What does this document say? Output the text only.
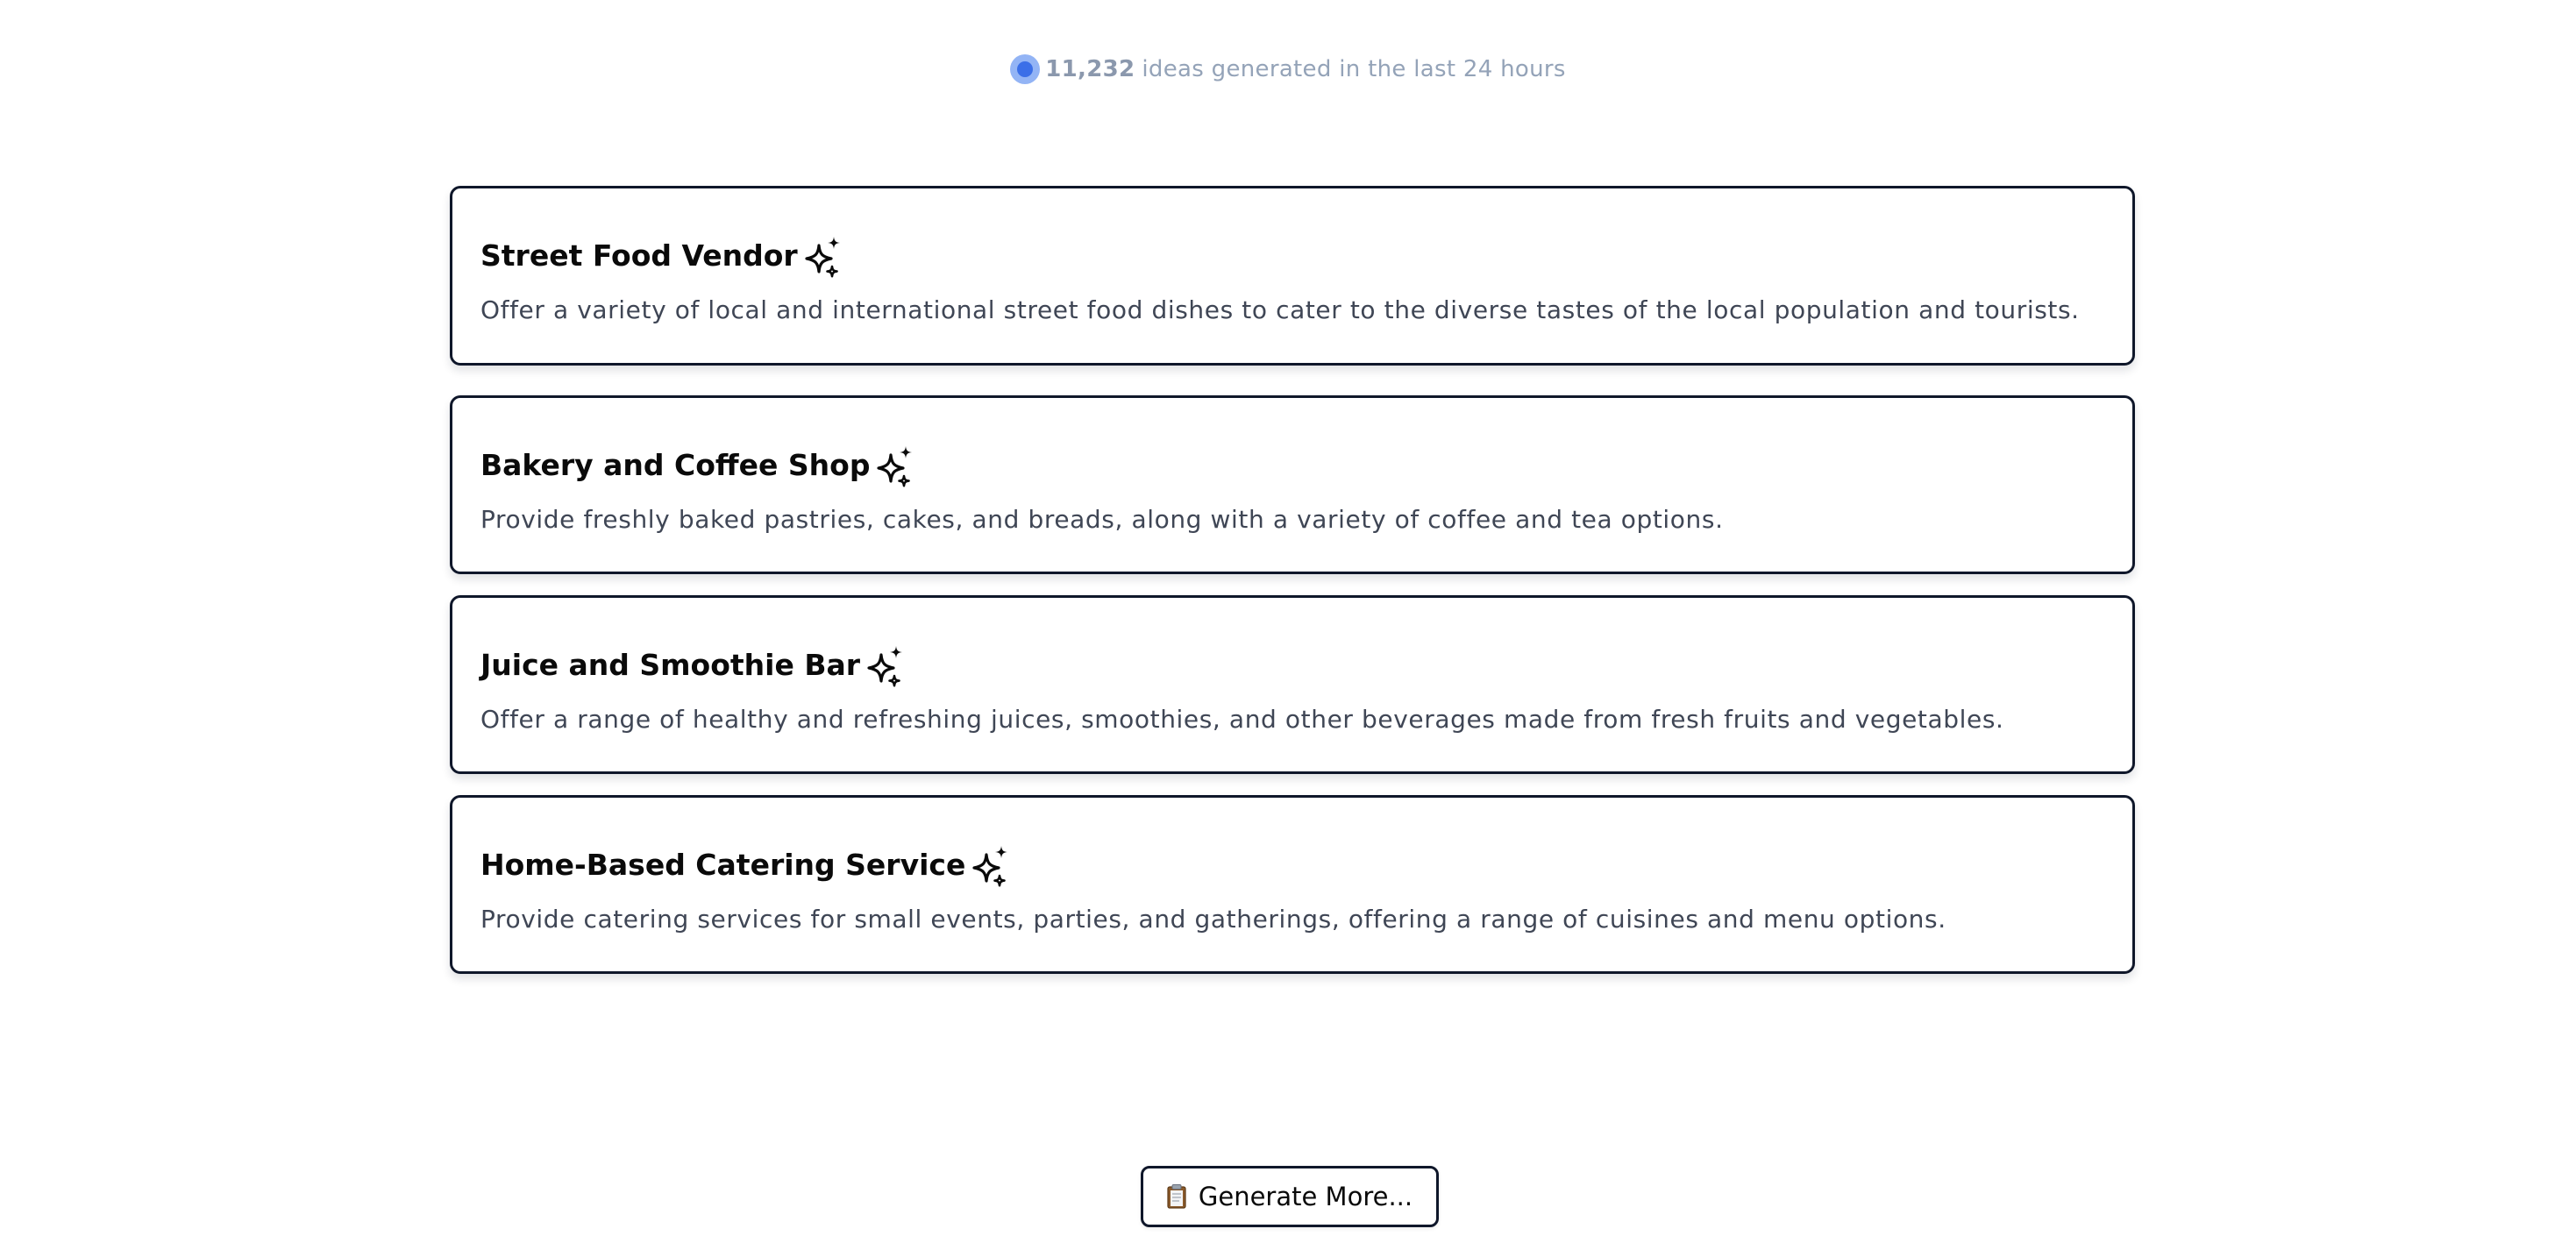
11,232 ideas generated in the last 24 hours
Street Food Vendor
Offer a variety of local and international street food dishes to cater to the diverse tastes of the local population and tourists.
Bakery and Coffee Shop
Provide freshly baked pastries, cakes, and breads, along with a variety of coffee and tea options.
Juice and Smoothie Bar
Offer a range of healthy and refreshing juices, smoothies, and other beverages made from fresh fruits and vegetables.
Home-Based Catering Service
Provide catering services for small events, parties, and gatherings, offering a range of cuisines and menu options.
Generate More...
